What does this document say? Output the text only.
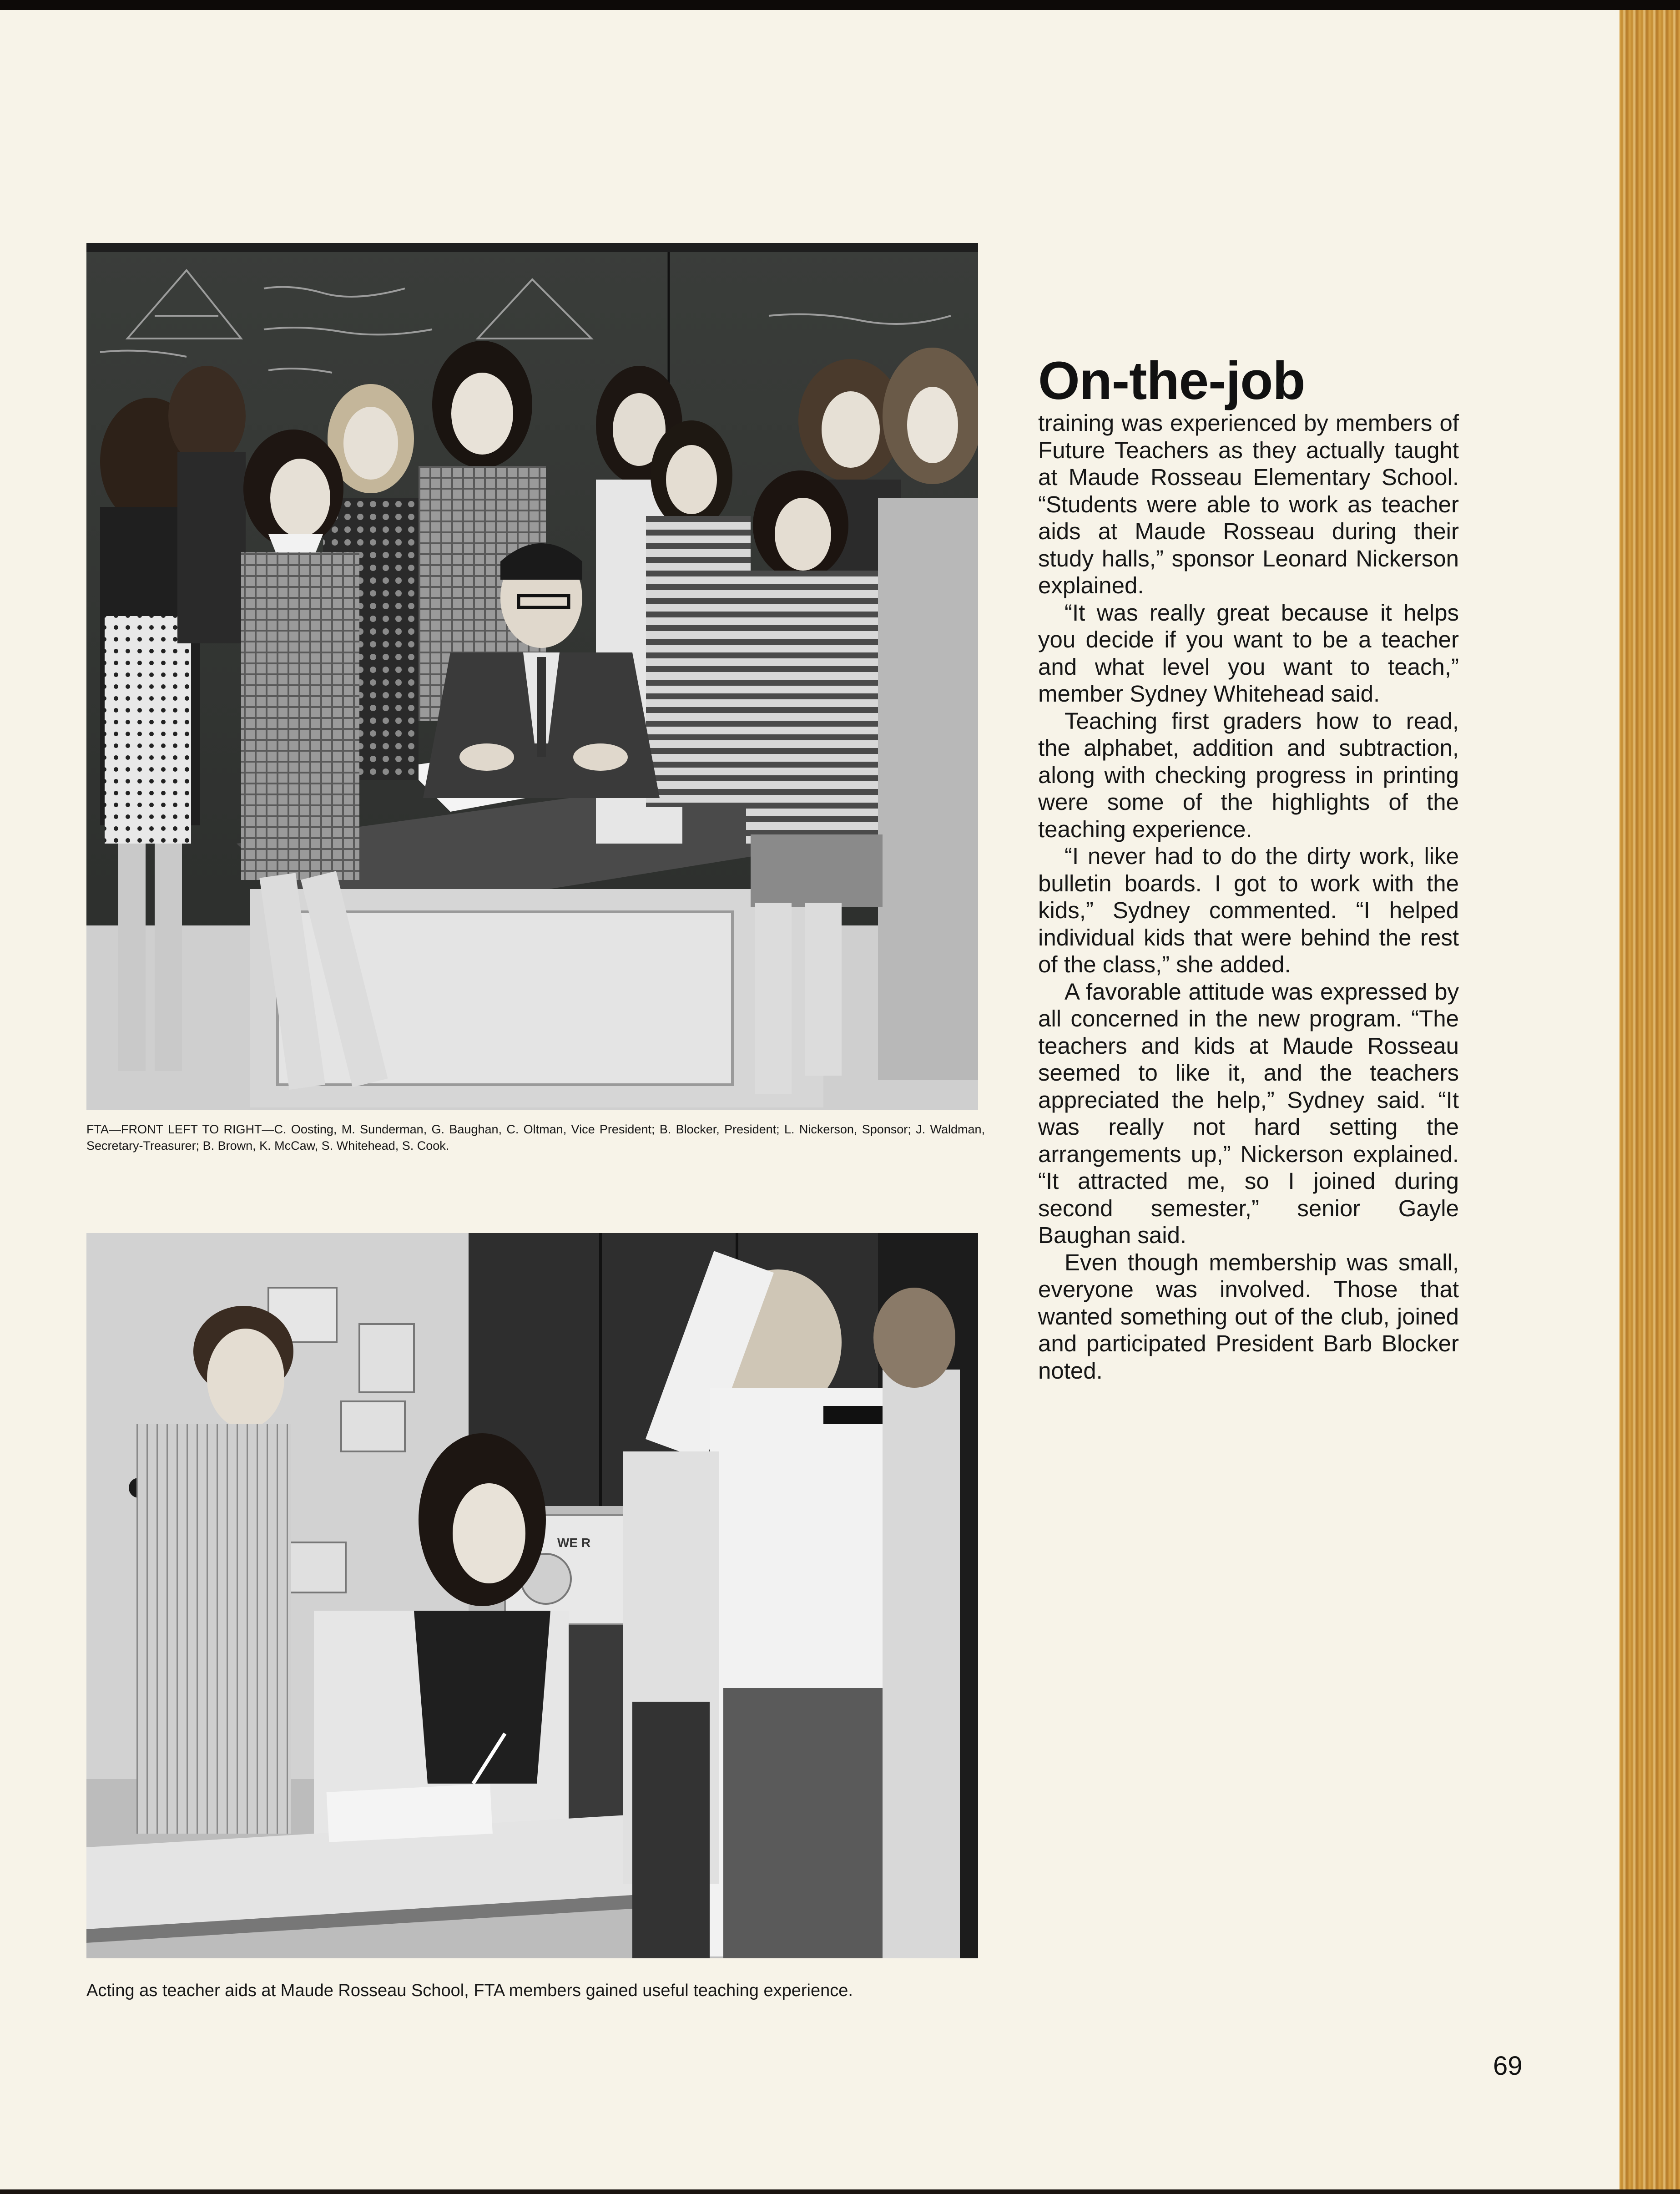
FTA—FRONT LEFT TO RIGHT—C. Oosting, M. Sunderman, G. Baughan, C. Oltman, Vice President; B. Blocker, President; L. Nickerson, Sponsor; J. Waldman, Secretary-Treasurer; B. Brown, K. McCaw, S. Whitehead, S. Cook.
WE R
Acting as teacher aids at Maude Rosseau School, FTA members gained useful teaching experience.
On-the-job

training was experienced by members of Future Teachers as they actually taught at Maude Rosseau Elementary School. “Students were able to work as teacher aids at Maude Rosseau during their study halls,” sponsor Leonard Nickerson explained.

“It was really great because it helps you decide if you want to be a teacher and what level you want to teach,” member Sydney Whitehead said.

Teaching first graders how to read, the alphabet, addition and subtraction, along with checking progress in printing were some of the highlights of the teaching experience.

“I never had to do the dirty work, like bulletin boards. I got to work with the kids,” Sydney commented. “I helped individual kids that were behind the rest of the class,” she added.

A favorable attitude was expressed by all concerned in the new program. “The teachers and kids at Maude Rosseau seemed to like it, and the teachers appreciated the help,” Sydney said. “It was really not hard setting the arrangements up,” Nickerson explained. “It attracted me, so I joined during second semester,” senior Gayle Baughan said.

Even though membership was small, everyone was involved. Those that wanted something out of the club, joined and participated President Barb Blocker noted.

69
